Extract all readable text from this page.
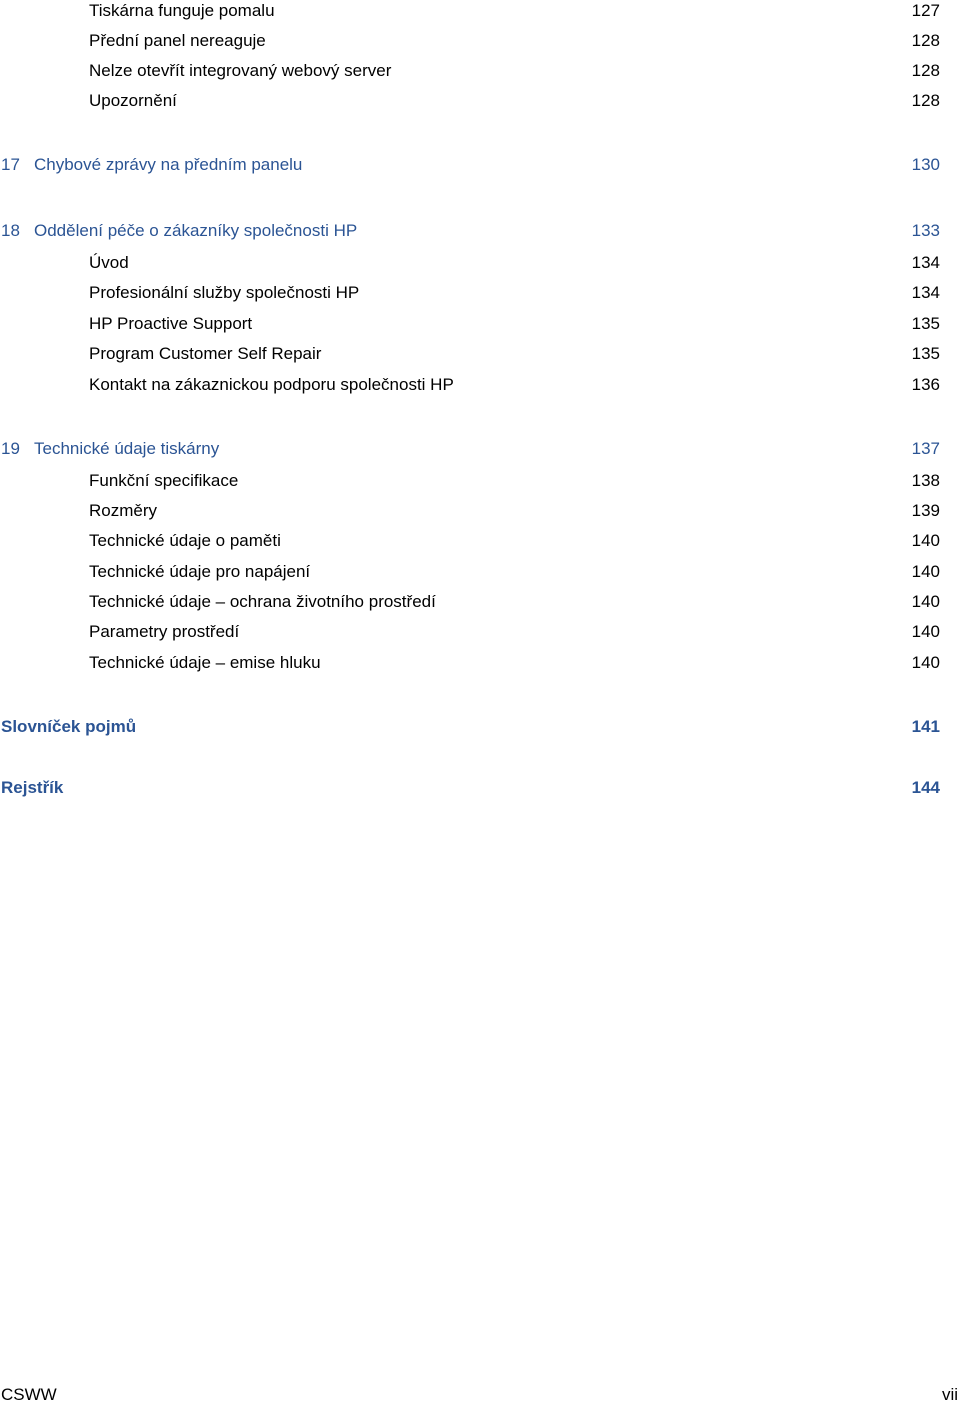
Tiskárna funguje pomalu	127
Přední panel nereaguje	128
Nelze otevřít integrovaný webový server	128
Upozornění	128
17 Chybové zprávy na předním panelu	130
18 Oddělení péče o zákazníky společnosti HP	133
Úvod	134
Profesionální služby společnosti HP	134
HP Proactive Support	135
Program Customer Self Repair	135
Kontakt na zákaznickou podporu společnosti HP	136
19 Technické údaje tiskárny	137
Funkční specifikace	138
Rozměry	139
Technické údaje o paměti	140
Technické údaje pro napájení	140
Technické údaje – ochrana životního prostředí	140
Parametry prostředí	140
Technické údaje – emise hluku	140
Slovníček pojmů	141
Rejstřík	144
CSWW	vii
